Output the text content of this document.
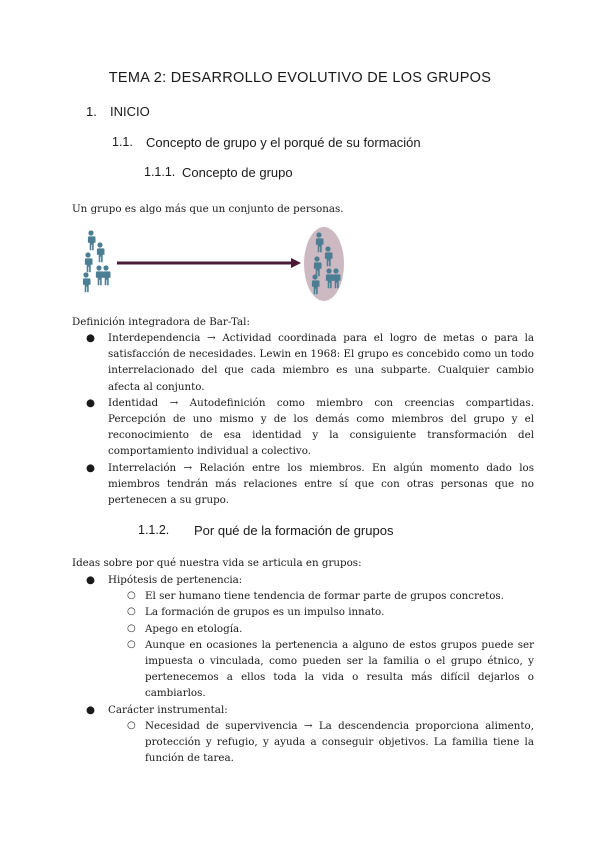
TEMA 2: DESARROLLO EVOLUTIVO DE LOS GRUPOS
1. INICIO
1.1. Concepto de grupo y el porqué de su formación
1.1.1. Concepto de grupo
Un grupo es algo más que un conjunto de personas.
Definición integradora de Bar-Tal:
● Interdependencia → Actividad coordinada para el logro de metas o para la satisfacción de necesidades. Lewin en 1968: El grupo es concebido como un todo interrelacionado del que cada miembro es una subparte. Cualquier cambio afecta al conjunto.
● Identidad → Autodefinición como miembro con creencias compartidas. Percepción de uno mismo y de los demás como miembros del grupo y el reconocimiento de esa identidad y la consiguiente transformación del comportamiento individual a colectivo.
● Interrelación → Relación entre los miembros. En algún momento dado los miembros tendrán más relaciones entre sí que con otras personas que no pertenecen a su grupo.
1.1.2. Por qué de la formación de grupos
Ideas sobre por qué nuestra vida se articula en grupos:
● Hipótesis de pertenencia:
○ El ser humano tiene tendencia de formar parte de grupos concretos.
○ La formación de grupos es un impulso innato.
○ Apego en etología.
○ Aunque en ocasiones la pertenencia a alguno de estos grupos puede ser impuesta o vinculada, como pueden ser la familia o el grupo étnico, y pertenecemos a ellos toda la vida o resulta más difícil dejarlos o cambiarlos.
● Carácter instrumental:
○ Necesidad de supervivencia → La descendencia proporciona alimento, protección y refugio, y ayuda a conseguir objetivos. La familia tiene la función de tarea.
